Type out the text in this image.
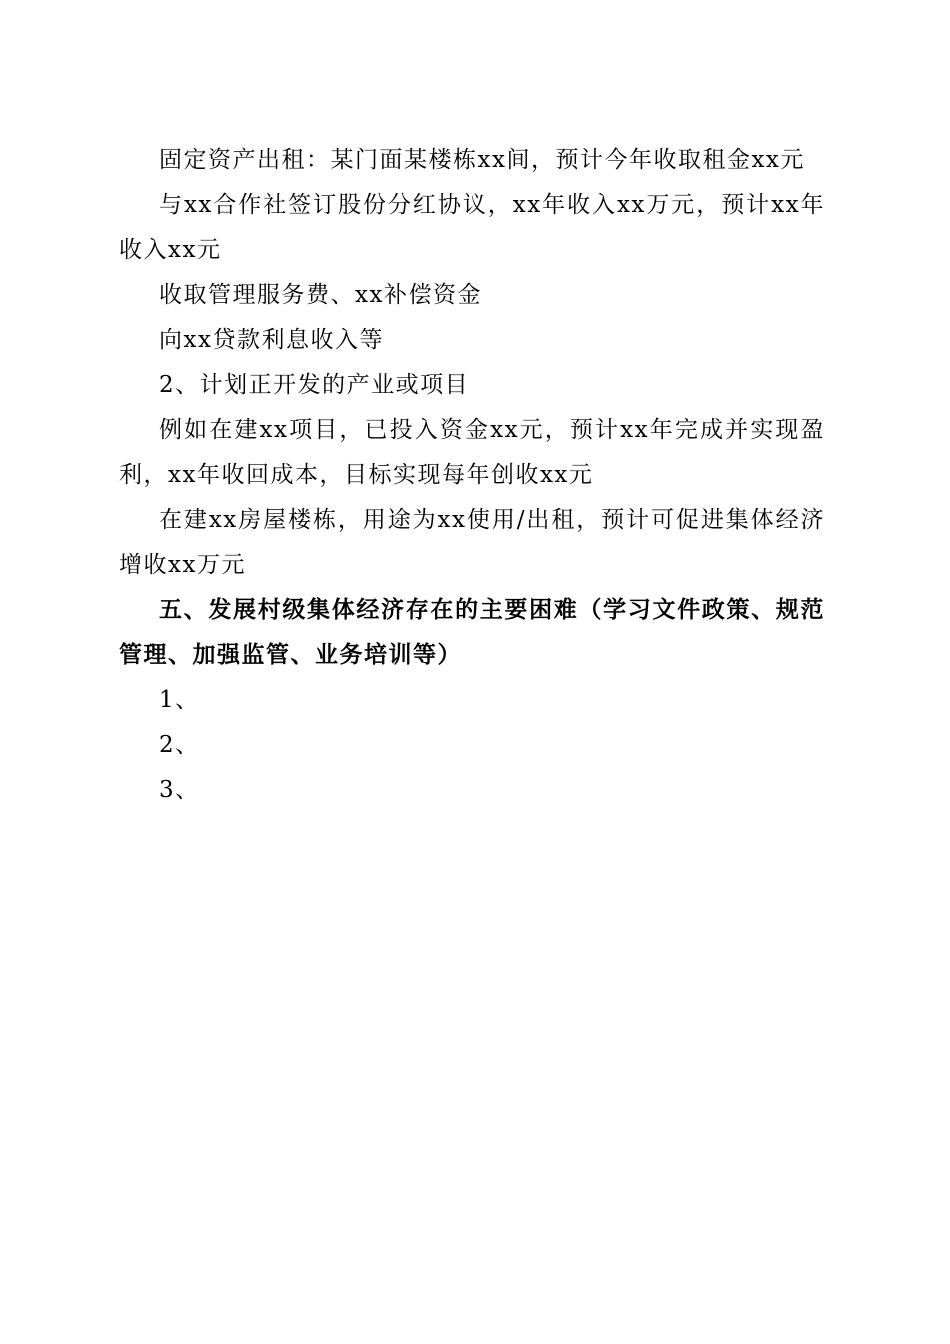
固定资产出租：某门面某楼栋xx间，预计今年收取租金xx元

与xx合作社签订股份分红协议，xx年收入xx万元，预计xx年收入xx元

收取管理服务费、xx补偿资金

向xx贷款利息收入等

2、计划正开发的产业或项目

例如在建xx项目，已投入资金xx元，预计xx年完成并实现盈利，xx年收回成本，目标实现每年创收xx元

在建xx房屋楼栋，用途为xx使用/出租，预计可促进集体经济增收xx万元

五、发展村级集体经济存在的主要困难（学习文件政策、规范管理、加强监管、业务培训等）

1、

2、

3、
